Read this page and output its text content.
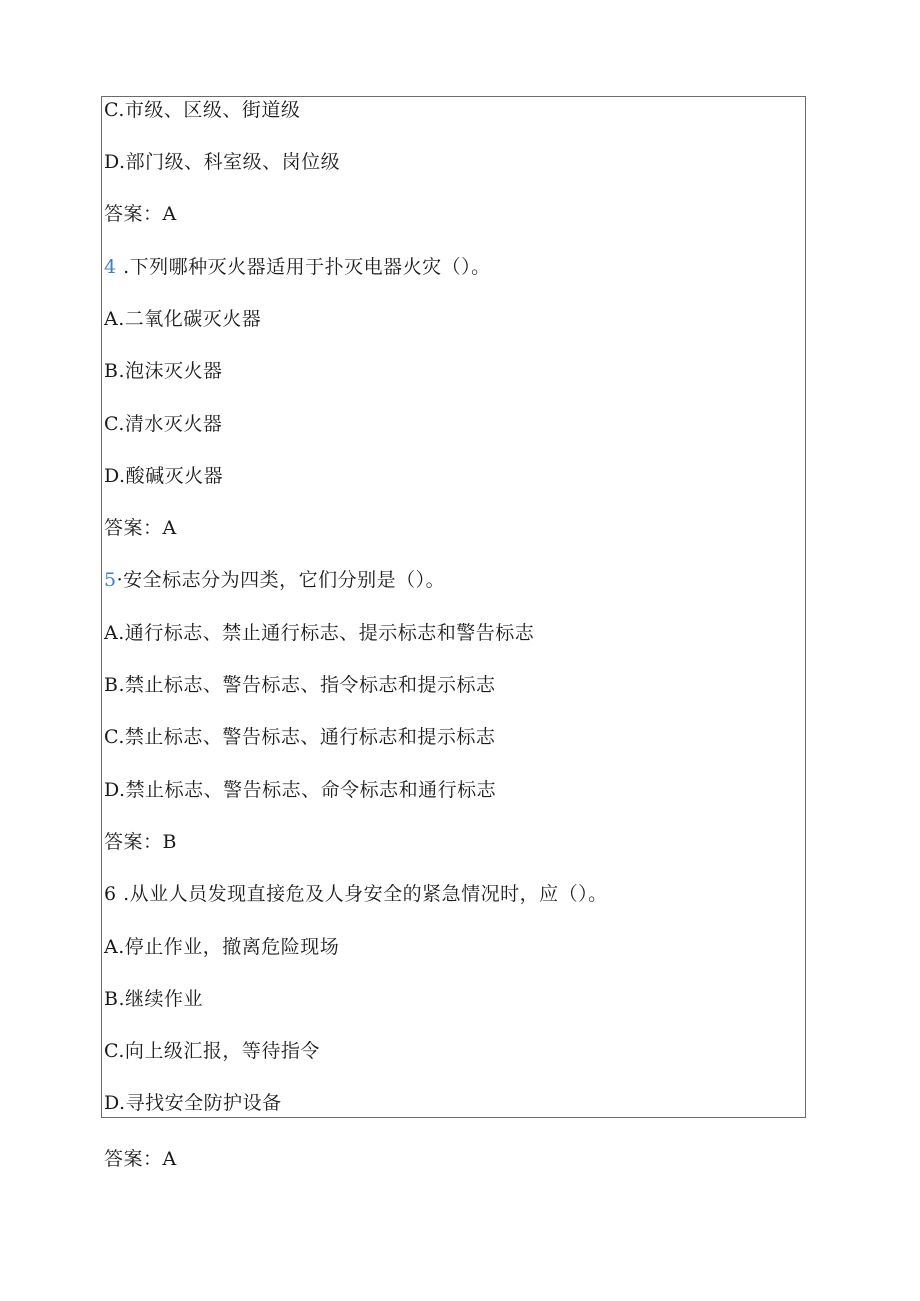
C.市级、区级、街道级
D.部门级、科室级、岗位级
答案：A
4 .下列哪种灭火器适用于扑灭电器火灾（）。
A.二氧化碳灭火器
B.泡沫灭火器
C.清水灭火器
D.酸碱灭火器
答案：A
5·安全标志分为四类，它们分别是（）。
A.通行标志、禁止通行标志、提示标志和警告标志
B.禁止标志、警告标志、指令标志和提示标志
C.禁止标志、警告标志、通行标志和提示标志
D.禁止标志、警告标志、命令标志和通行标志
答案：B
6 .从业人员发现直接危及人身安全的紧急情况时，应（）。
A.停止作业，撤离危险现场
B.继续作业
C.向上级汇报，等待指令
D.寻找安全防护设备
答案：A
